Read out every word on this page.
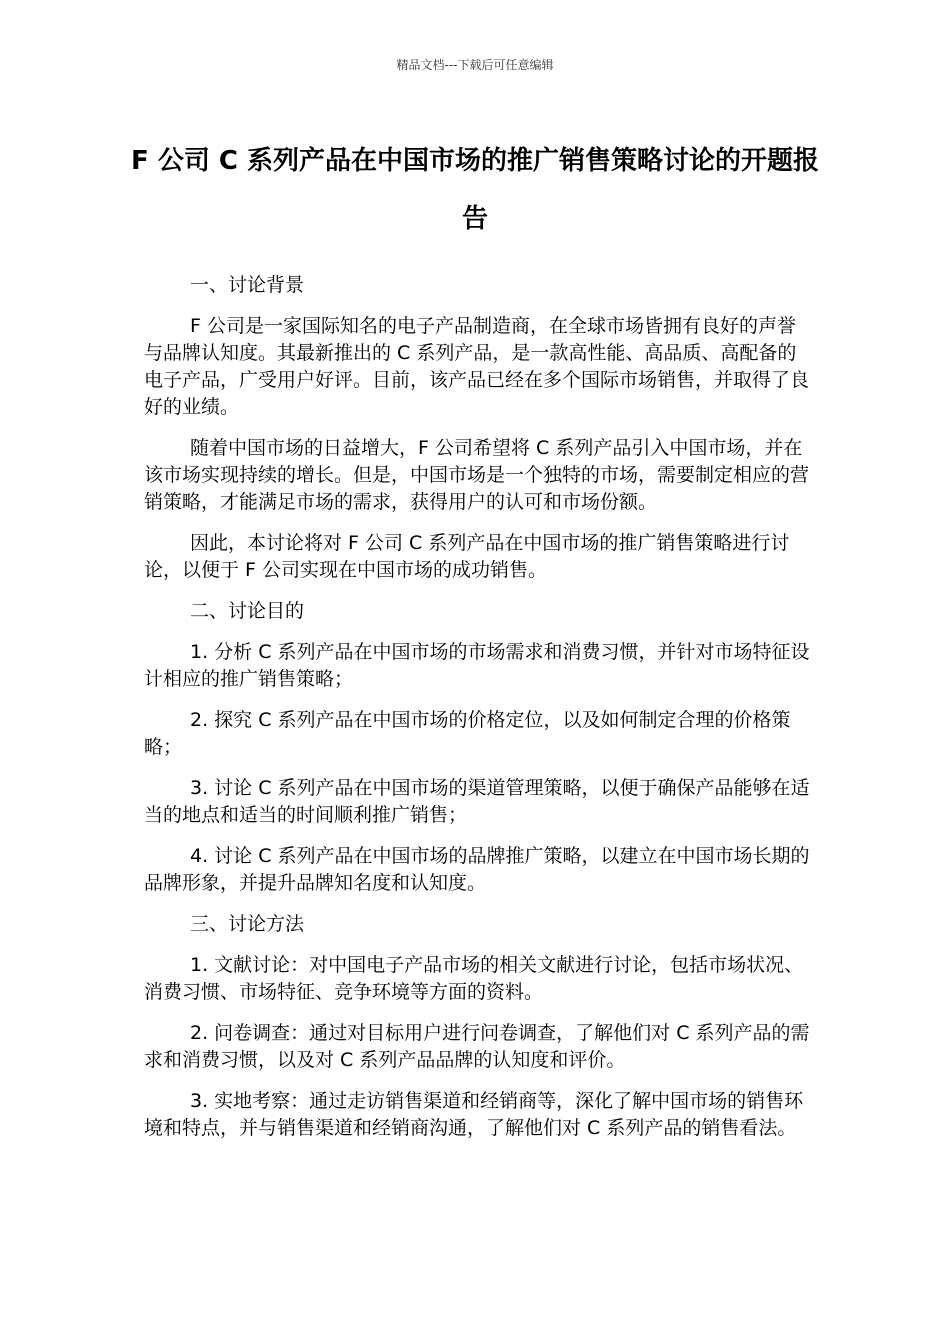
精品文档---下载后可任意编辑
F 公司 C 系列产品在中国市场的推广销售策略讨论的开题报告

一、讨论背景

F 公司是一家国际知名的电子产品制造商，在全球市场皆拥有良好的声誉与品牌认知度。其最新推出的 C 系列产品，是一款高性能、高品质、高配备的电子产品，广受用户好评。目前，该产品已经在多个国际市场销售，并取得了良好的业绩。

随着中国市场的日益增大，F 公司希望将 C 系列产品引入中国市场，并在该市场实现持续的增长。但是，中国市场是一个独特的市场，需要制定相应的营销策略，才能满足市场的需求，获得用户的认可和市场份额。

因此，本讨论将对 F 公司 C 系列产品在中国市场的推广销售策略进行讨论，以便于 F 公司实现在中国市场的成功销售。

二、讨论目的

1. 分析 C 系列产品在中国市场的市场需求和消费习惯，并针对市场特征设计相应的推广销售策略；

2. 探究 C 系列产品在中国市场的价格定位，以及如何制定合理的价格策略；

3. 讨论 C 系列产品在中国市场的渠道管理策略，以便于确保产品能够在适当的地点和适当的时间顺利推广销售；

4. 讨论 C 系列产品在中国市场的品牌推广策略，以建立在中国市场长期的品牌形象，并提升品牌知名度和认知度。

三、讨论方法

1. 文献讨论：对中国电子产品市场的相关文献进行讨论，包括市场状况、消费习惯、市场特征、竞争环境等方面的资料。

2. 问卷调查：通过对目标用户进行问卷调查，了解他们对 C 系列产品的需求和消费习惯，以及对 C 系列产品品牌的认知度和评价。

3. 实地考察：通过走访销售渠道和经销商等，深化了解中国市场的销售环境和特点，并与销售渠道和经销商沟通，了解他们对 C 系列产品的销售看法。
